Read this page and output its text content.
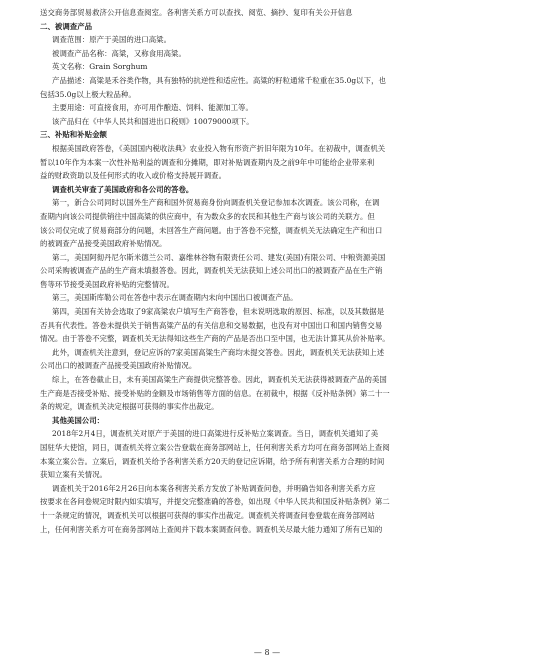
送交商务部贸易救济公开信息查阅室。各利害关系方可以查找、阅览、摘抄、复印有关公开信息
二、被调查产品
调查范围：原产于美国的进口高粱。
被调查产品名称：高粱，又称食用高粱。
英文名称：Grain Sorghum
产品描述：高粱是禾谷类作物，具有独特的抗逆性和适应性。高粱的籽粒通常千粒重在35.0g以下，也
包括35.0g以上极大粒品种。
主要用途：可直接食用，亦可用作酿造、饲料、能源加工等。
该产品归在《中华人民共和国进出口税则》10079000项下。
三、补贴和补贴金额
根据美国政府答卷，《美国国内税收法典》农业投入物有形资产折旧年限为10年。在初裁中，调查机关
暂以10年作为本案一次性补贴利益的调查和分摊期，即对补贴调查期内及之前9年中可能给企业带来利
益的财政资助以及任何形式的收入或价格支持展开调查。
调查机关审查了美国政府和各公司的答卷。
第一，新合公司同时以国外生产商和国外贸易商身份向调查机关登记参加本次调查。该公司称，在调
查期内向该公司提供销往中国高粱的供应商中，有为数众多的农民和其他生产商与该公司的关联方。但
该公司仅完成了贸易商部分的问题，未回答生产商问题。由于答卷不完整，调查机关无法确定生产和出口
的被调查产品接受美国政府补贴情况。
第二，美国阿彻丹尼尔斯米德兰公司、嘉维林谷物有限责任公司、建发(美国)有限公司、中粮资源美国
公司采购被调查产品的生产商未填报答卷。因此，调查机关无法获知上述公司出口的被调查产品在生产销
售等环节接受美国政府补贴的完整情况。
第三，美国斯库勒公司在答卷中表示在调查期内未向中国出口被调查产品。
第四，美国有关协会选取了9家高粱农户填写生产商答卷，但未说明选取的原因、标准，以及其数据是
否具有代表性。答卷未提供关于销售高粱产品的有关信息和交易数据，也没有对中国出口和国内销售交易
情况。由于答卷不完整，调查机关无法得知这些生产商的产品是否出口至中国，也无法计算其从价补贴率。
此外，调查机关注意到，登记应诉的7家美国高粱生产商均未提交答卷。因此，调查机关无法获知上述
公司出口的被调查产品接受美国政府补贴情况。
综上，在答卷截止日，未有美国高粱生产商提供完整答卷。因此，调查机关无法获得被调查产品的美国
生产商是否接受补贴、接受补贴的金额及市场销售等方面的信息。在初裁中，根据《反补贴条例》第二十一
条的规定，调查机关决定根据可获得的事实作出裁定。
其他美国公司：
2018年2月4日，调查机关对原产于美国的进口高粱进行反补贴立案调查。当日，调查机关通知了美
国驻华大使馆，同日，调查机关将立案公告登载在商务部网站上，任何利害关系方均可在商务部网站上查阅
本案立案公告。立案后，调查机关给予各利害关系方20天的登记应诉期，给予所有利害关系方合理的时间
获知立案有关情况。
调查机关于2016年2月26日向本案各利害关系方发放了补贴调查问卷，并明确告知各利害关系方应
按要求在各问卷规定时限内如实填写，并提交完整准确的答卷，如出现《中华人民共和国反补贴条例》第二
十一条规定的情况，调查机关可以根据可获得的事实作出裁定。调查机关将调查问卷登载在商务部网站
上，任何利害关系方可在商务部网站上查阅并下载本案调查问卷。调查机关尽最大能力通知了所有已知的
— 8 —
